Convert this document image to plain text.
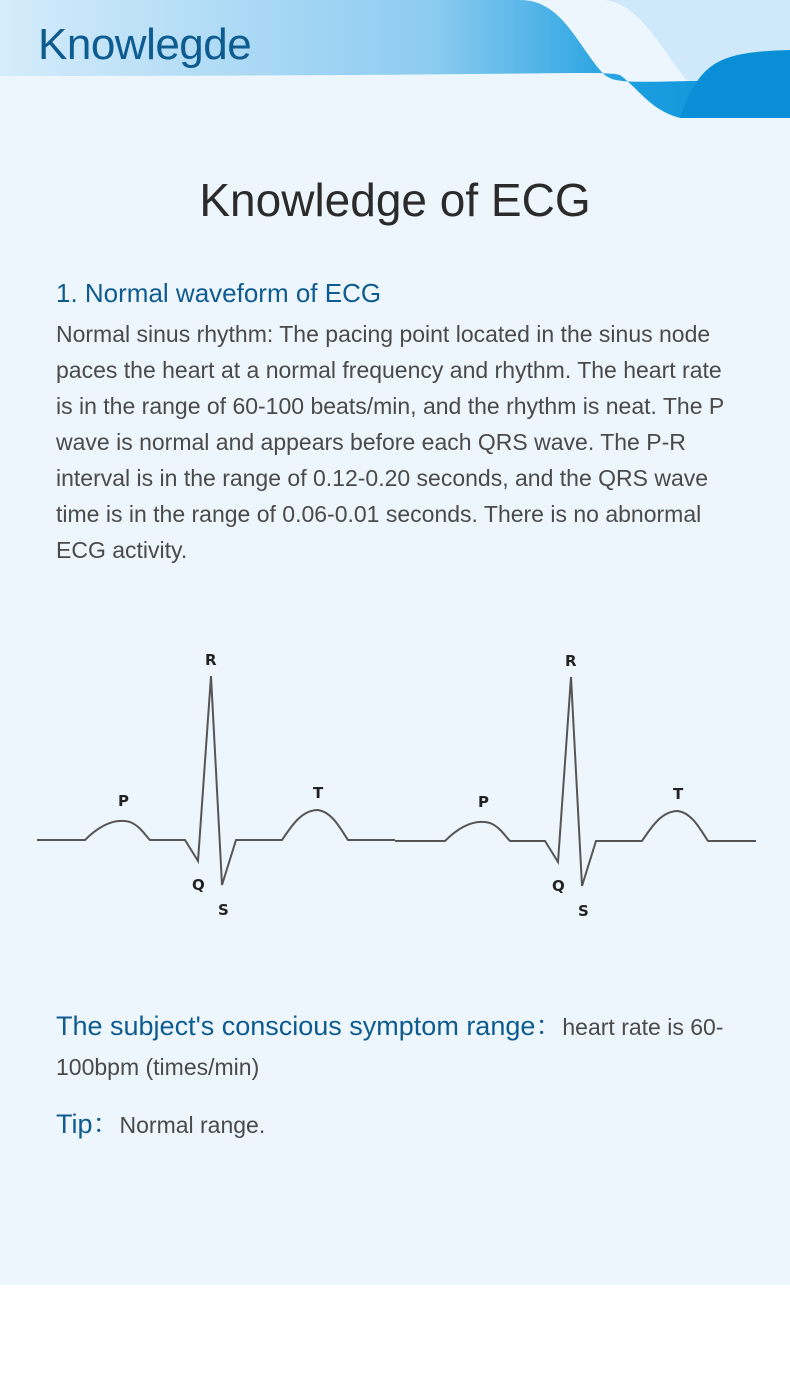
Knowlegde
Knowledge of ECG
1. Normal waveform of ECG

Normal sinus rhythm: The pacing point located in the sinus node paces the heart at a normal frequency and rhythm. The heart rate is in the range of 60-100 beats/min, and the rhythm is neat. The P wave is normal and appears before each QRS wave. The P-R interval is in the range of 0.12-0.20 seconds, and the QRS wave time is in the range of 0.06-0.01 seconds. There is no abnormal ECG activity.

P
Q
R
S
T	P
Q
R
S
T

The subject's conscious symptom range：heart rate is 60-100bpm (times/min)

Tip：Normal range.
